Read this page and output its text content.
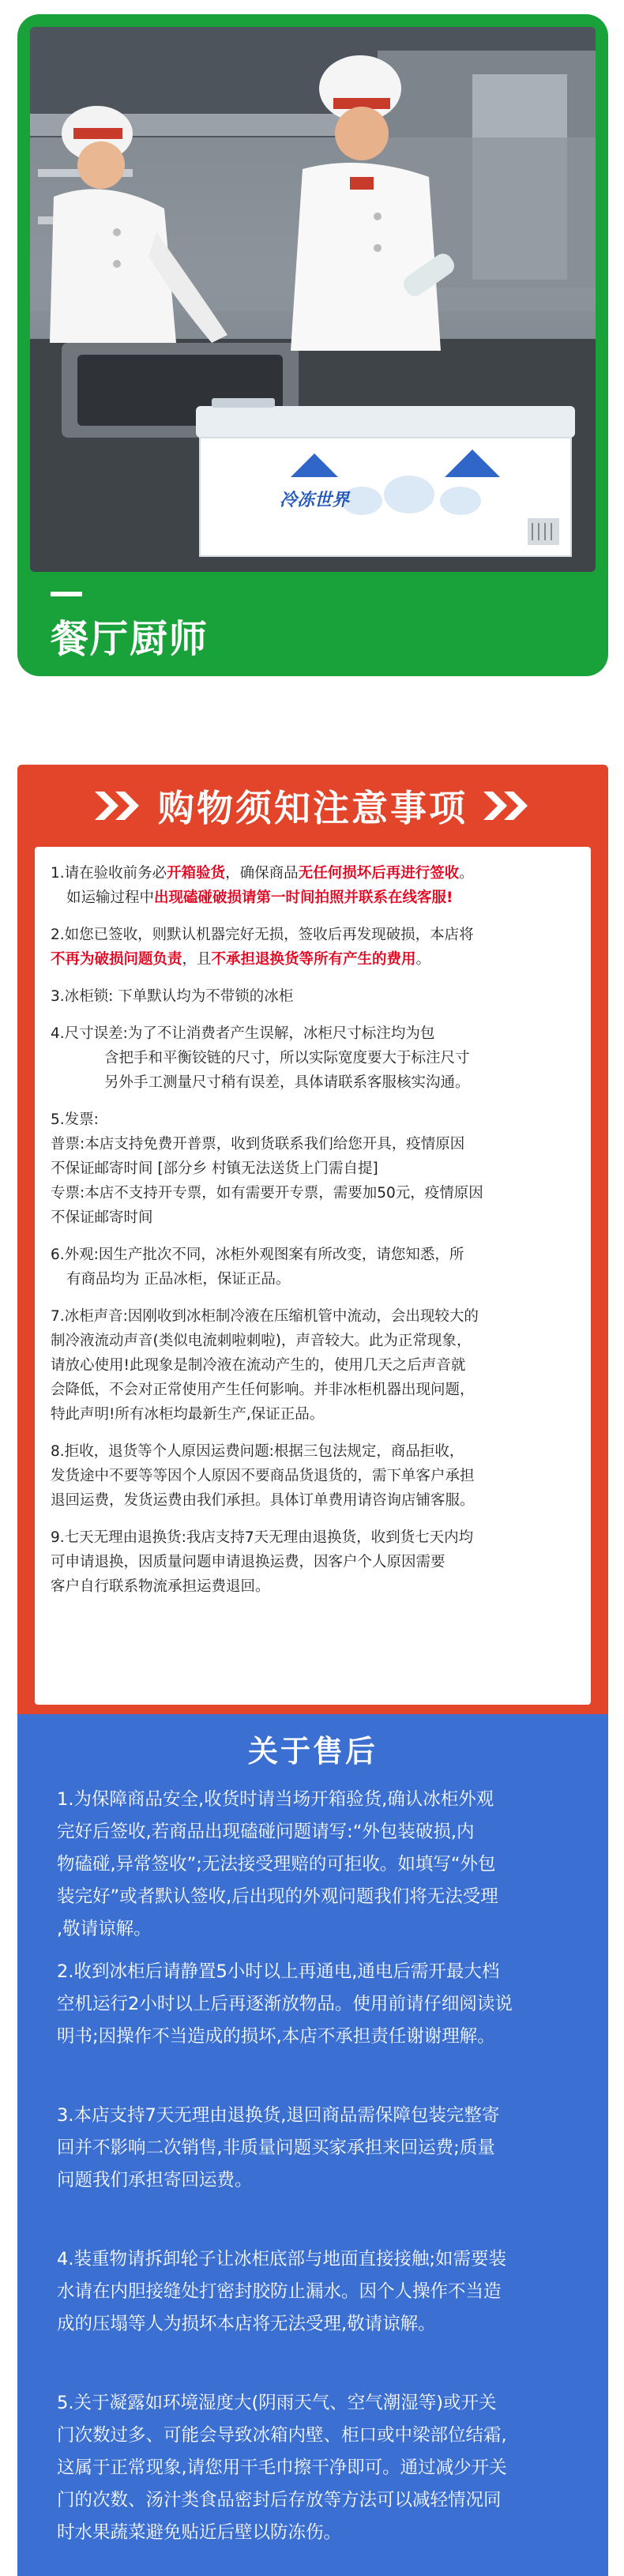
冷冻世界
餐厅厨师
购物须知注意事项

1.请在验收前务必开箱验货，确保商品无任何损坏后再进行签收。

如运输过程中出现磕碰破损请第一时间拍照并联系在线客服!

2.如您已签收，则默认机器完好无损，签收后再发现破损，本店将

不再为破损问题负责，且不承担退换货等所有产生的费用。

3.冰柜锁: 下单默认均为不带锁的冰柜

4.尺寸误差:为了不让消费者产生误解，冰柜尺寸标注均为包

含把手和平衡铰链的尺寸，所以实际宽度要大于标注尺寸

另外手工测量尺寸稍有误差，具体请联系客服核实沟通。

5.发票:

普票:本店支持免费开普票，收到货联系我们给您开具，疫情原因

不保证邮寄时间 [部分乡 村镇无法送货上门需自提]

专票:本店不支持开专票，如有需要开专票，需要加50元，疫情原因

不保证邮寄时间

6.外观:因生产批次不同，冰柜外观图案有所改变，请您知悉，所

有商品均为 正品冰柜，保证正品。

7.冰柜声音:因刚收到冰柜制冷液在压缩机管中流动，会出现较大的

制冷液流动声音(类似电流刺啦刺啦)，声音较大。此为正常现象，

请放心使用!此现象是制冷液在流动产生的，使用几天之后声音就

会降低，不会对正常使用产生任何影响。并非冰柜机器出现问题，

特此声明!所有冰柜均最新生产,保证正品。

8.拒收，退货等个人原因运费问题:根据三包法规定，商品拒收，

发货途中不要等等因个人原因不要商品货退货的，需下单客户承担

退回运费，发货运费由我们承担。具体订单费用请咨询店铺客服。

9.七天无理由退换货:我店支持7天无理由退换货，收到货七天内均

可申请退换，因质量问题申请退换运费，因客户个人原因需要

客户自行联系物流承担运费退回。

关于售后

1.为保障商品安全,收货时请当场开箱验货,确认冰柜外观

完好后签收,若商品出现磕碰问题请写:“外包装破损,内

物磕碰,异常签收”;无法接受理赔的可拒收。如填写“外包

装完好”或者默认签收,后出现的外观问题我们将无法受理

,敬请谅解。

2.收到冰柜后请静置5小时以上再通电,通电后需开最大档

空机运行2小时以上后再逐渐放物品。使用前请仔细阅读说

明书;因操作不当造成的损坏,本店不承担责任谢谢理解。

3.本店支持7天无理由退换货,退回商品需保障包装完整寄

回并不影响二次销售,非质量问题买家承担来回运费;质量

问题我们承担寄回运费。

4.装重物请拆卸轮子让冰柜底部与地面直接接触;如需要装

水请在内胆接缝处打密封胶防止漏水。因个人操作不当造

成的压塌等人为损坏本店将无法受理,敬请谅解。

5.关于凝露如环境湿度大(阴雨天气、空气潮湿等)或开关

门次数过多、可能会导致冰箱内壁、柜口或中梁部位结霜,

这属于正常现象,请您用干毛巾擦干净即可。通过减少开关

门的次数、汤汁类食品密封后存放等方法可以减轻情况同

时水果蔬菜避免贴近后壁以防冻伤。
